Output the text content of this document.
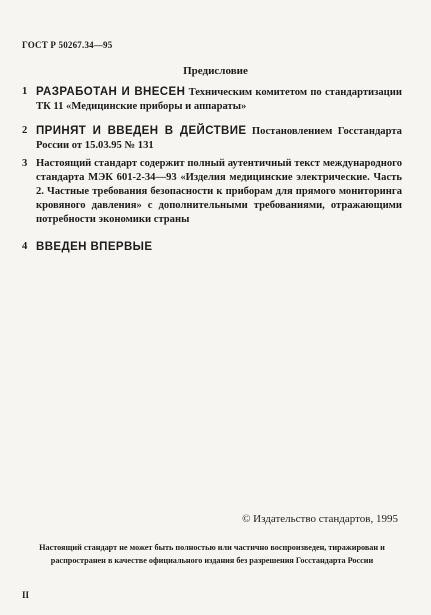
ГОСТ Р 50267.34—95
Предисловие
1 РАЗРАБОТАН И ВНЕСЕН Техническим комитетом по стандартизации ТК 11 «Медицинские приборы и аппараты»
2 ПРИНЯТ И ВВЕДЕН В ДЕЙСТВИЕ Постановлением Госстандарта России от 15.03.95 № 131
3 Настоящий стандарт содержит полный аутентичный текст международного стандарта МЭК 601-2-34—93 «Изделия медицинские электрические. Часть 2. Частные требования безопасности к приборам для прямого мониторинга кровяного давления» с дополнительными требованиями, отражающими потребности экономики страны
4 ВВЕДЕН ВПЕРВЫЕ
© Издательство стандартов, 1995
Настоящий стандарт не может быть полностью или частично воспроизведен, тиражирован и распространен в качестве официального издания без разрешения Госстандарта России
II
